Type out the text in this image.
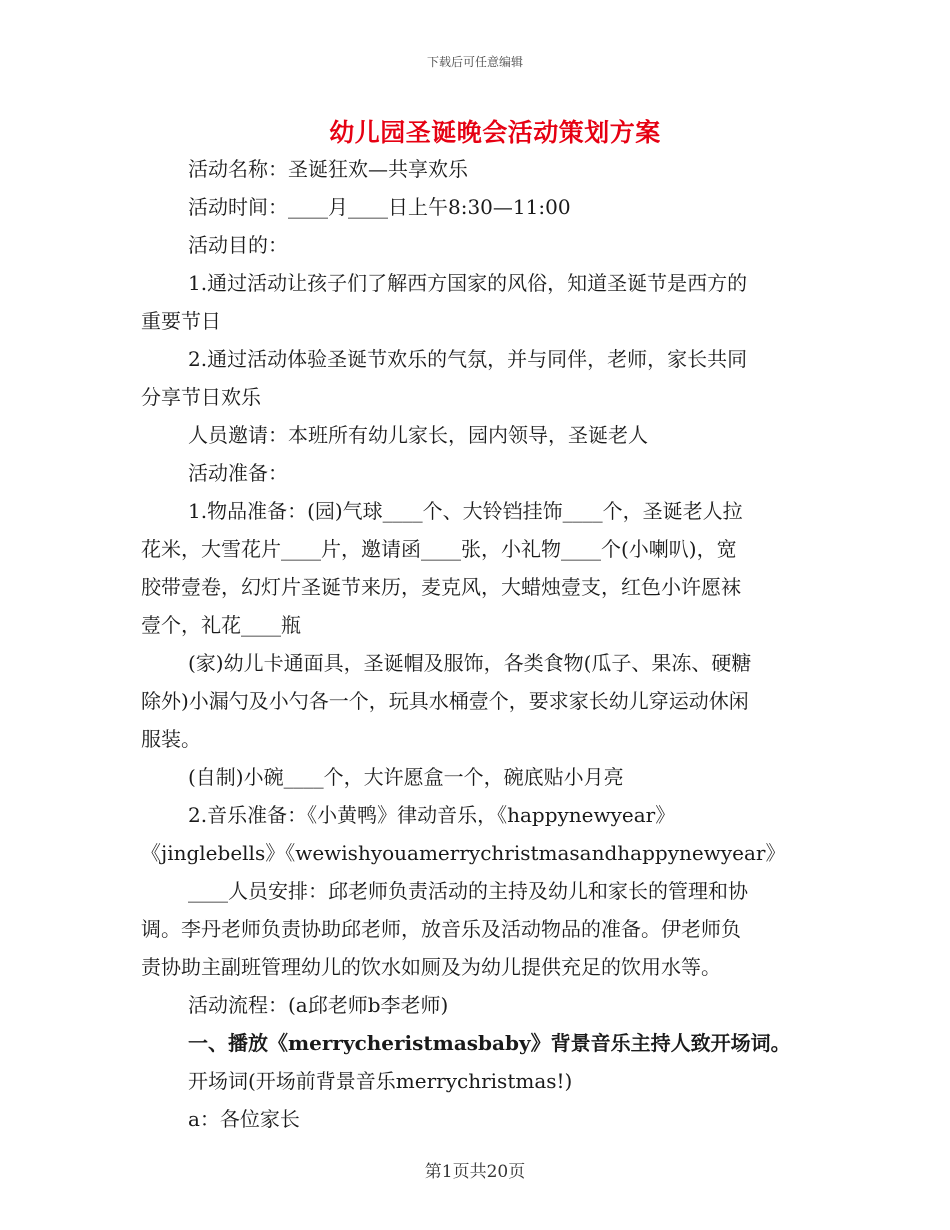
下载后可任意编辑
幼儿园圣诞晚会活动策划方案

活动名称：圣诞狂欢—共享欢乐

活动时间：____月____日上午8:30—11:00

活动目的：

1.通过活动让孩子们了解西方国家的风俗，知道圣诞节是西方的

重要节日

2.通过活动体验圣诞节欢乐的气氛，并与同伴，老师，家长共同

分享节日欢乐

人员邀请：本班所有幼儿家长，园内领导，圣诞老人

活动准备：

1.物品准备：(园)气球____个、大铃铛挂饰____个，圣诞老人拉

花米，大雪花片____片，邀请函____张，小礼物____个(小喇叭)，宽

胶带壹卷，幻灯片圣诞节来历，麦克风，大蜡烛壹支，红色小许愿袜

壹个，礼花____瓶

(家)幼儿卡通面具，圣诞帽及服饰，各类食物(瓜子、果冻、硬糖

除外)小漏勺及小勺各一个，玩具水桶壹个，要求家长幼儿穿运动休闲

服装。

(自制)小碗____个，大许愿盒一个，碗底贴小月亮

2.音乐准备：《小黄鸭》律动音乐，《happynewyear》

《jinglebells》《wewishyouamerrychristmasandhappynewyear》

____人员安排：邱老师负责活动的主持及幼儿和家长的管理和协

调。李丹老师负责协助邱老师，放音乐及活动物品的准备。伊老师负

责协助主副班管理幼儿的饮水如厕及为幼儿提供充足的饮用水等。

活动流程：(a邱老师b李老师)

一、播放《merrycheristmasbaby》背景音乐主持人致开场词。

开场词(开场前背景音乐merrychristmas!)

a：各位家长

第1页共20页
